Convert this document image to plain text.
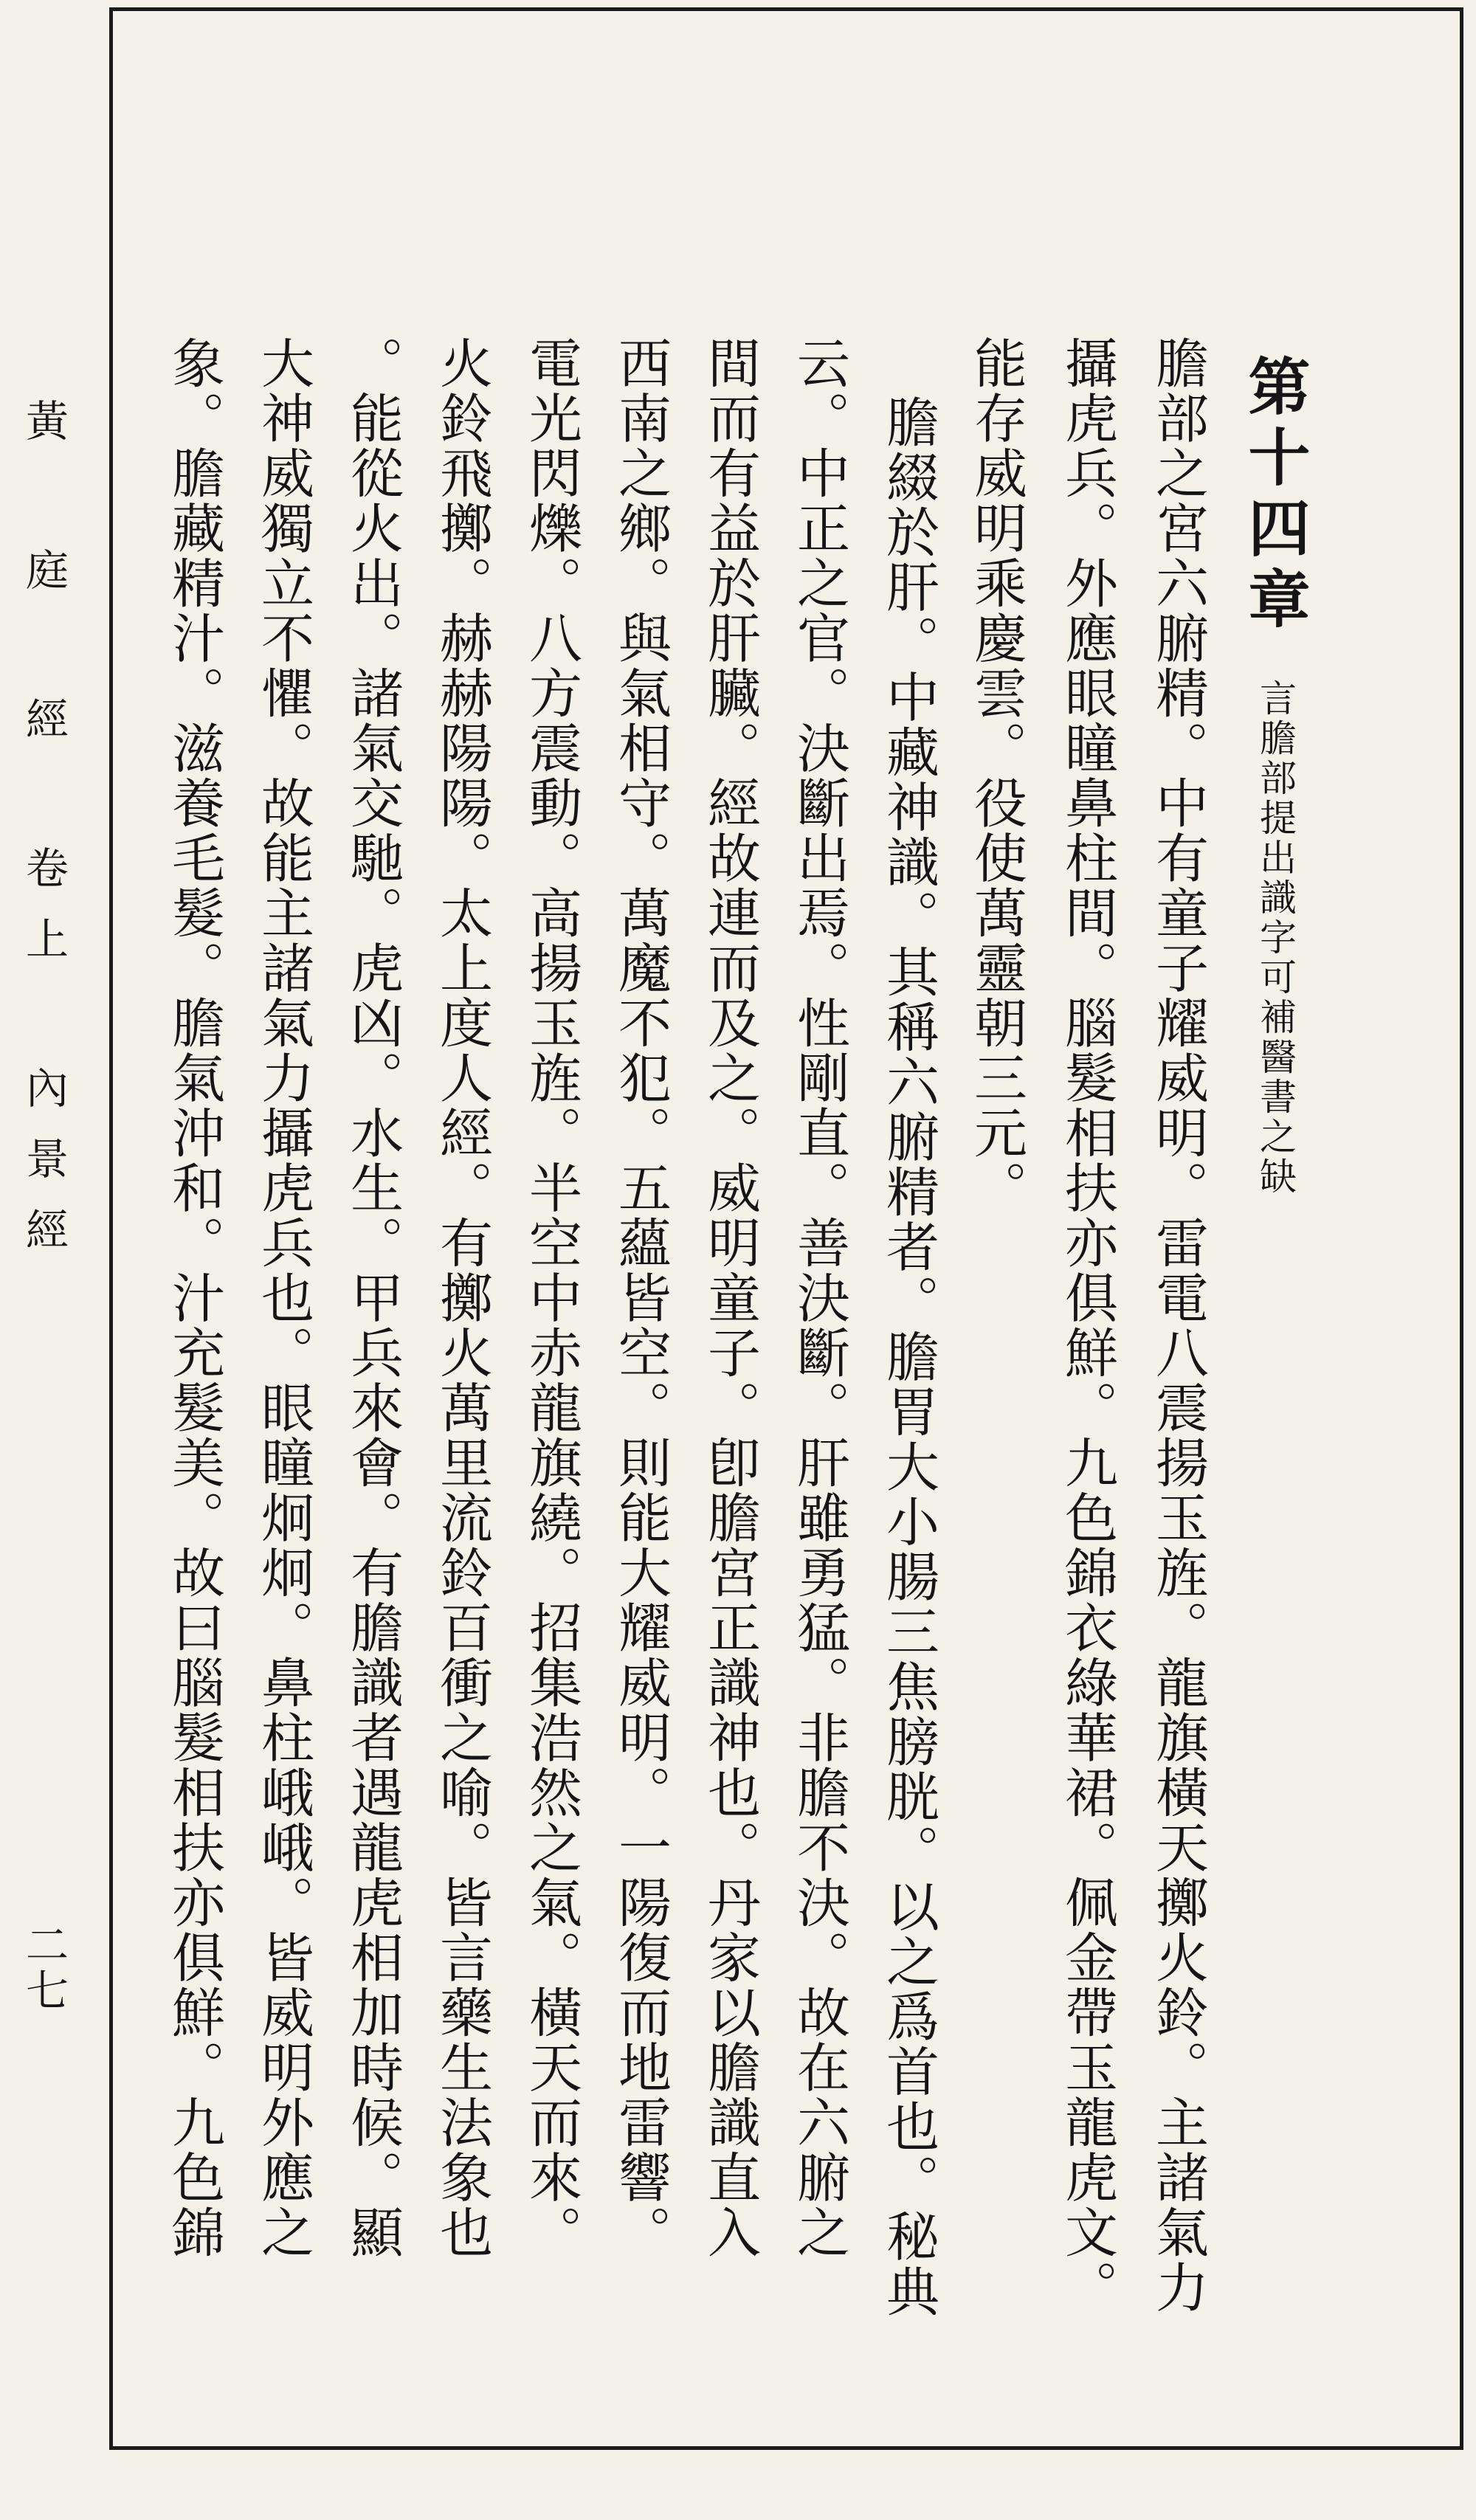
黃 庭 經 卷上 內景經
二七
第十四章
言膽部提出識字可補醫書之缺
膽部之宮六腑精。中有童子耀威明。雷電八震揚玉旌。龍旗橫天擲火鈴。主諸氣力
攝虎兵。外應眼瞳鼻柱間。腦髮相扶亦俱鮮。九色錦衣綠華裙。佩金帶玉龍虎文。
能存威明乘慶雲。役使萬靈朝三元。
膽綴於肝。中藏神識。其稱六腑精者。膽胃大小腸三焦膀胱。以之爲首也。秘典
云。中正之官。決斷出焉。性剛直。善決斷。肝雖勇猛。非膽不決。故在六腑之
間而有益於肝臟。經故連而及之。威明童子。卽膽宮正識神也。丹家以膽識直入
西南之鄉。與氣相守。萬魔不犯。五蘊皆空。則能大耀威明。一陽復而地雷響。
電光閃爍。八方震動。高揚玉旌。半空中赤龍旗繞。招集浩然之氣。橫天而來。
火鈴飛擲。赫赫陽陽。太上度人經。有擲火萬里流鈴百衝之喻。皆言藥生法象也
。能從火出。諸氣交馳。虎凶。水生。甲兵來會。有膽識者遇龍虎相加時候。顯
大神威獨立不懼。故能主諸氣力攝虎兵也。眼瞳炯炯。鼻柱峨峨。皆威明外應之
象。膽藏精汁。滋養毛髮。膽氣沖和。汁充髮美。故曰腦髮相扶亦俱鮮。九色錦
